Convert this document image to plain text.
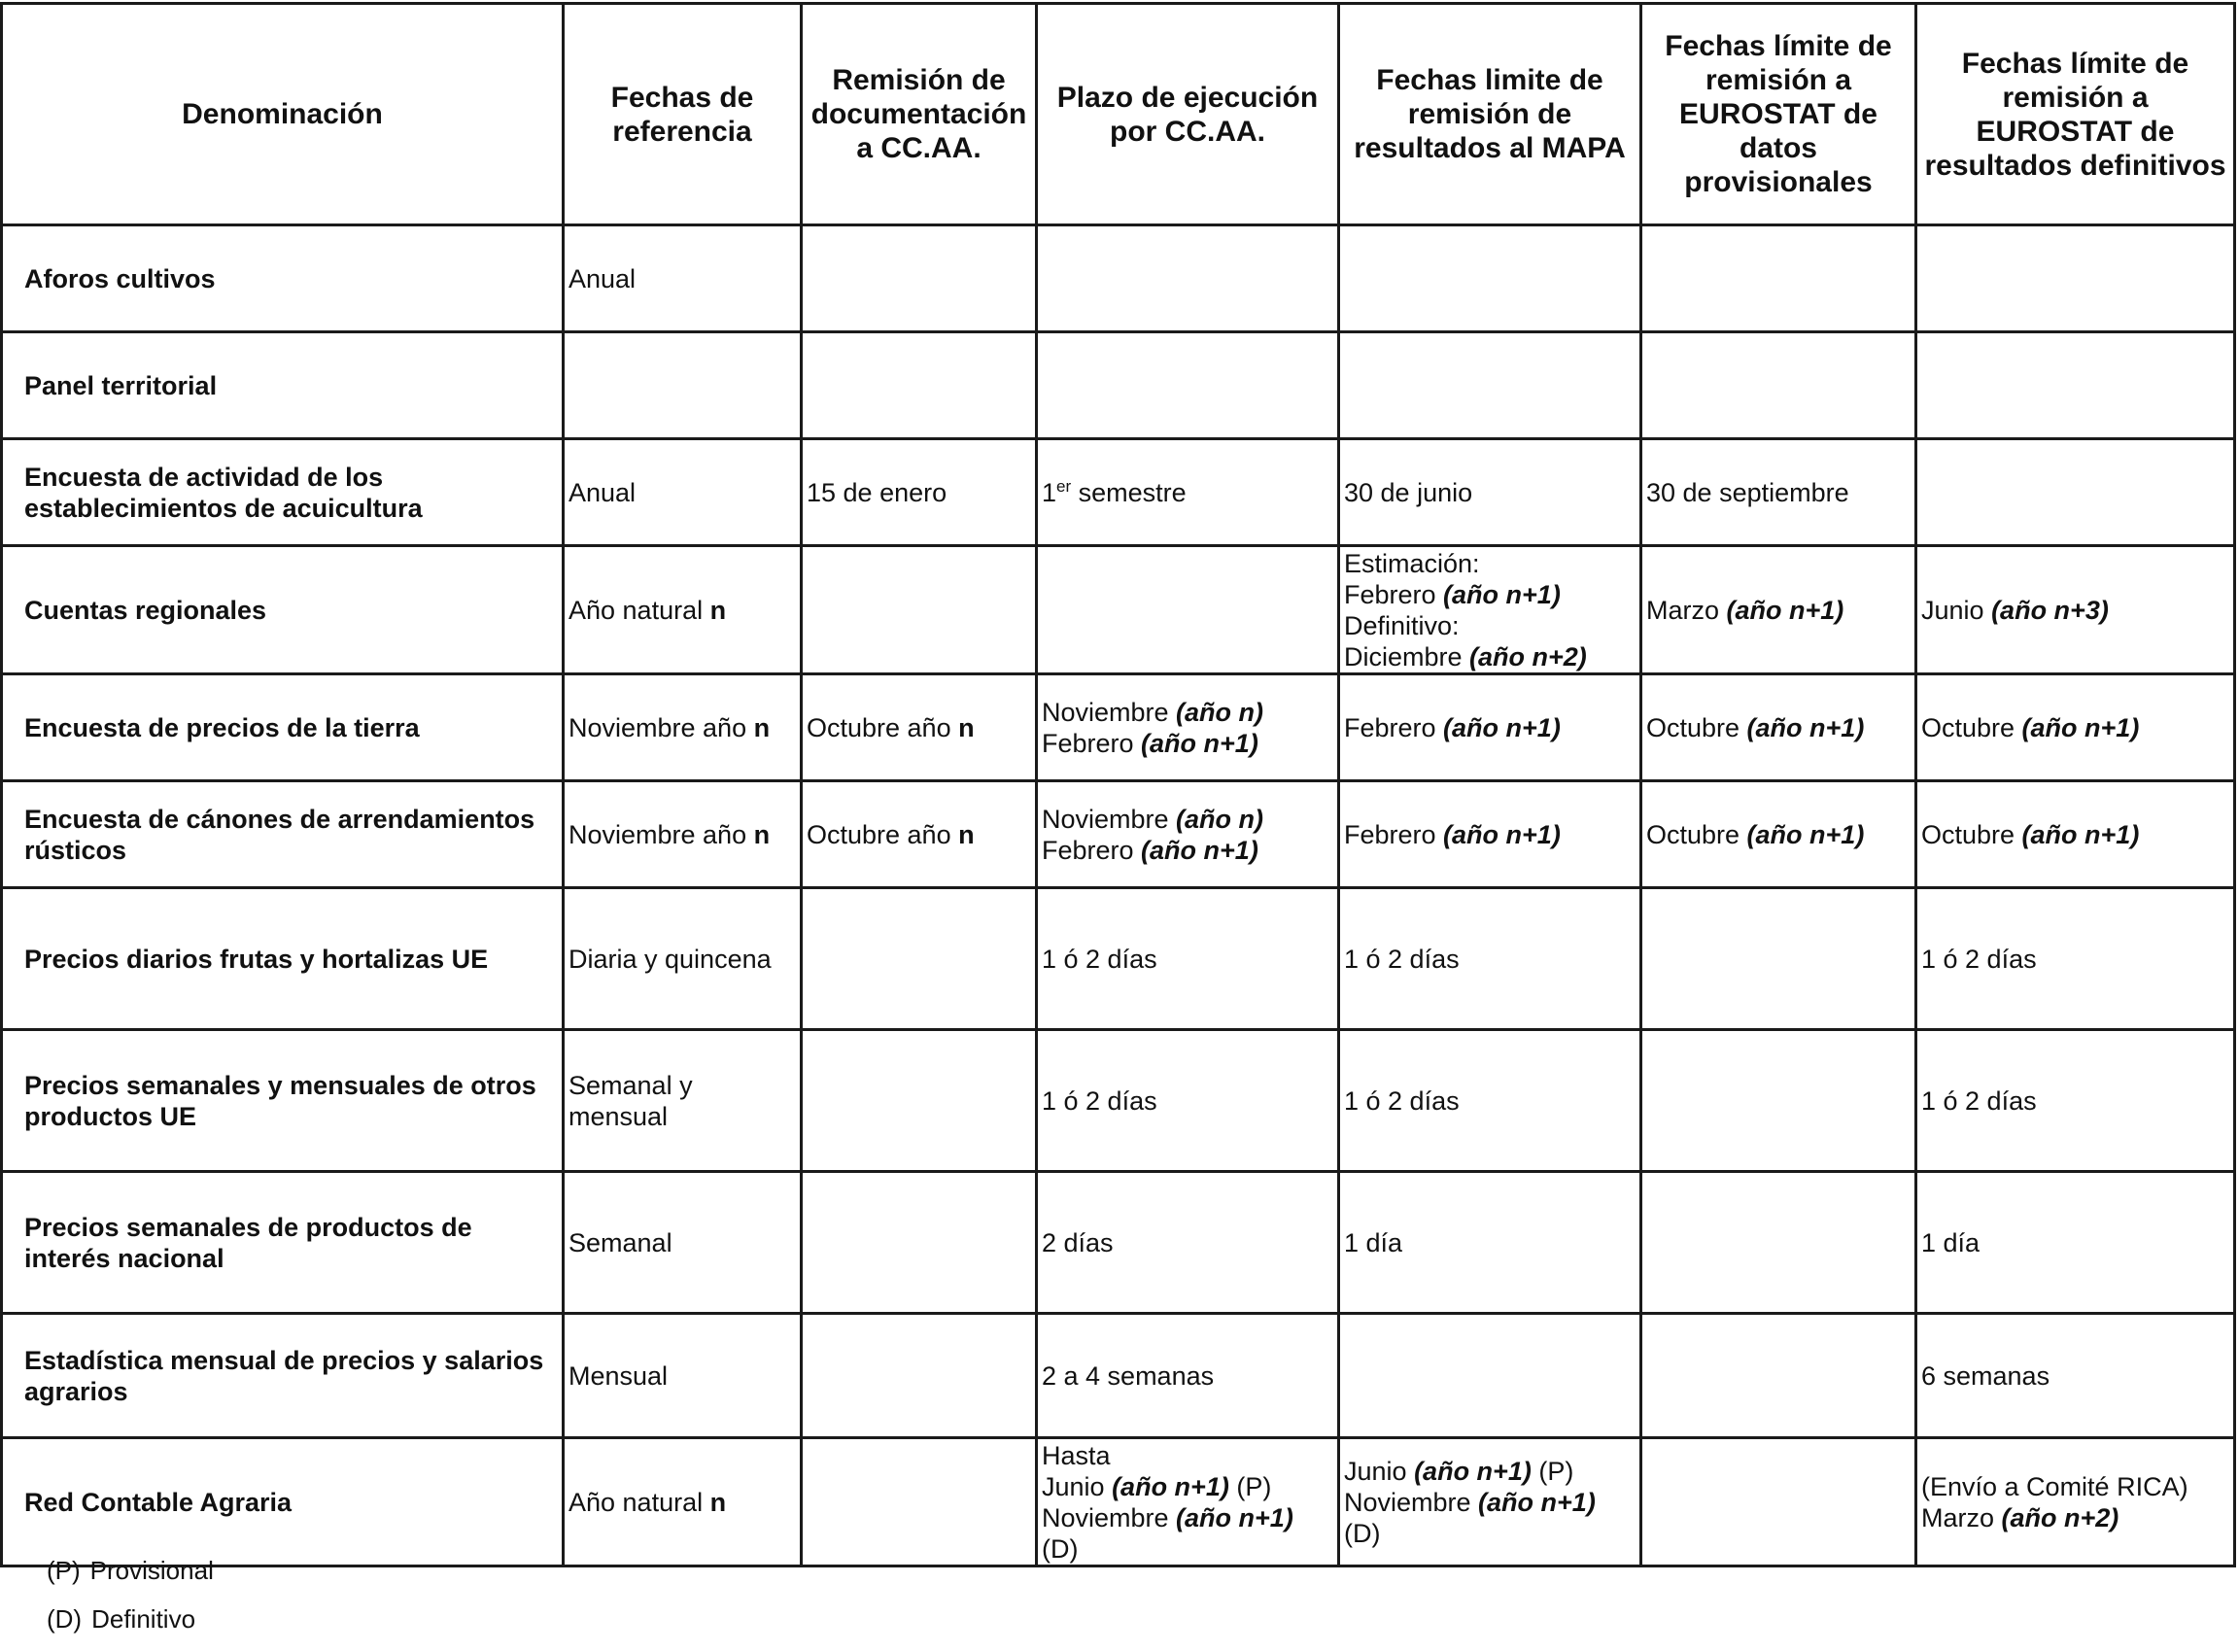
Denominación	Fechas de referencia	Remisión de documentación a CC.AA.	Plazo de ejecución por CC.AA.	Fechas limite de remisión de resultados al MAPA	Fechas límite de remisión a EUROSTAT de datos provisionales	Fechas límite de remisión a EUROSTAT de resultados definitivos
Aforos cultivos	Anual					

Panel territorial						
Encuesta de actividad de los establecimientos de acuicultura	Anual	15 de enero	1er semestre	30 de junio	30 de septiembre	

Cuentas regionales	Año natural n			Estimación:
Febrero (año n+1)
Definitivo:
Diciembre (año n+2)	Marzo (año n+1)	Junio (año n+3)

Encuesta de precios de la tierra	Noviembre año n	Octubre año n	Noviembre (año n)
Febrero (año n+1)	Febrero (año n+1)	Octubre (año n+1)	Octubre (año n+1)

Encuesta de cánones de arrendamientos rústicos	Noviembre año n	Octubre año n	Noviembre (año n)
Febrero (año n+1)	Febrero (año n+1)	Octubre (año n+1)	Octubre (año n+1)

Precios diarios frutas y hortalizas UE	Diaria y quincena		1 ó 2 días	1 ó 2 días		1 ó 2 días

Precios semanales y mensuales de otros productos UE	Semanal y
mensual		1 ó 2 días	1 ó 2 días		1 ó 2 días

Precios semanales de productos de interés nacional	Semanal		2 días	1 día		1 día

Estadística mensual de precios y salarios agrarios	Mensual		2 a 4 semanas			6 semanas

Red Contable Agraria	Año natural n		Hasta
Junio (año n+1) (P)
Noviembre (año n+1)
(D)	Junio (año n+1) (P)
Noviembre (año n+1)
(D)		(Envío a Comité RICA)
Marzo (año n+2)
(P) Provisional
(D) Definitivo
